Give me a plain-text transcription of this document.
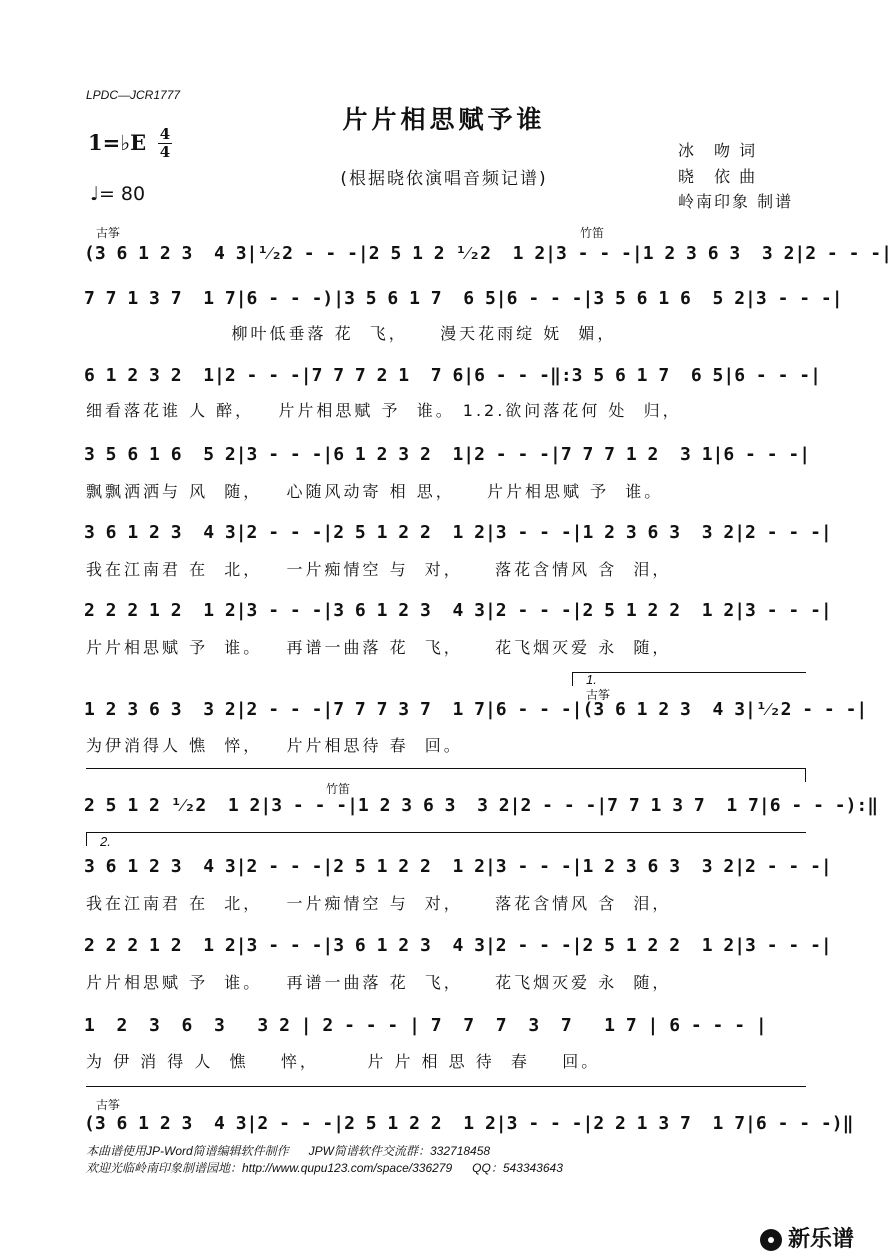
LPDC—JCR1777
片片相思赋予谁
(根据晓依演唱音频记谱)
1=♭E 4
4
♩= 80
冰　吻 词
晓　依 曲
岭南印象 制谱
古筝	竹笛
(3 6 1 2 3  4 3|¹⁄₂2 - - -|2 5 1 2 ¹⁄₂2  1 2|3 - - -|1 2 3 6 3  3 2|2 - - -|
7 7 1 3 7  1 7|6 - - -)|3 5 6 1 7  6 5|6 - - -|3 5 6 1 6  5 2|3 - - -|
柳叶低垂落 花  飞，    漫天花雨绽 妩  媚，
6 1 2 3 2  1|2 - - -|7 7 7 2 1  7 6|6 - - -‖:3 5 6 1 7  6 5|6 - - -|
细看落花谁 人 醉，   片片相思赋 予  谁。 1.2.欲问落花何 处  归，
3 5 6 1 6  5 2|3 - - -|6 1 2 3 2  1|2 - - -|7 7 7 1 2  3 1|6 - - -|
飘飘洒洒与 风  随，   心随风动寄 相 思，    片片相思赋 予  谁。
3 6 1 2 3  4 3|2 - - -|2 5 1 2 2  1 2|3 - - -|1 2 3 6 3  3 2|2 - - -|
我在江南君 在  北，   一片痴情空 与  对，    落花含情风 含  泪，
2 2 2 1 2  1 2|3 - - -|3 6 1 2 3  4 3|2 - - -|2 5 1 2 2  1 2|3 - - -|
片片相思赋 予  谁。   再谱一曲落 花  飞，    花飞烟灭爱 永  随，
1.
古筝
1 2 3 6 3  3 2|2 - - -|7 7 7 3 7  1 7|6 - - -|(3 6 1 2 3  4 3|¹⁄₂2 - - -|
为伊消得人 憔  悴，   片片相思待 春  回。
竹笛
2 5 1 2 ¹⁄₂2  1 2|3 - - -|1 2 3 6 3  3 2|2 - - -|7 7 1 3 7  1 7|6 - - -):‖
2.
3 6 1 2 3  4 3|2 - - -|2 5 1 2 2  1 2|3 - - -|1 2 3 6 3  3 2|2 - - -|
我在江南君 在  北，   一片痴情空 与  对，    落花含情风 含  泪，
2 2 2 1 2  1 2|3 - - -|3 6 1 2 3  4 3|2 - - -|2 5 1 2 2  1 2|3 - - -|
片片相思赋 予  谁。   再谱一曲落 花  飞，    花飞烟灭爱 永  随，
1  2  3  6  3   3 2 | 2 - - - | 7  7  7  3  7   1 7 | 6 - - - |
为 伊 消 得 人  憔    悴，      片 片 相 思 待  春    回。
古筝
(3 6 1 2 3  4 3|2 - - -|2 5 1 2 2  1 2|3 - - -|2 2 1 3 7  1 7|6 - - -)‖
本曲谱使用JP-Word简谱编辑软件制作      JPW简谱软件交流群：332718458
欢迎光临岭南印象制谱园地：http://www.qupu123.com/space/336279      QQ：543343643
新乐谱
